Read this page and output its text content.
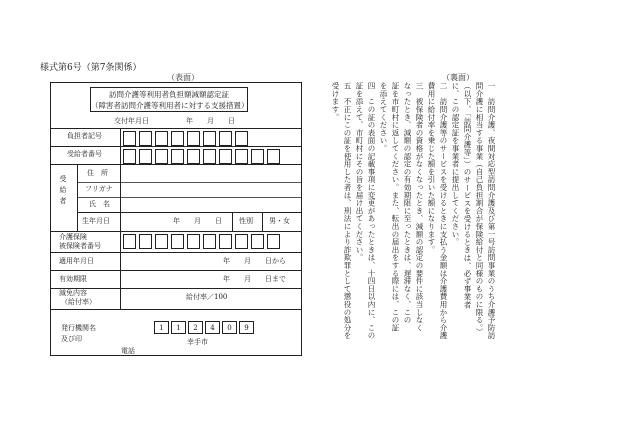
様式第6号（第7条関係）
（表面）	（裏面）
訪問介護等利用者負担額減額認定証
（障害者訪問介護等利用者に対する支援措置）
交付年月日	年　　月　　日
負担者記号
受給者番号
受給者
住　所
フリガナ
氏　名
生年月日	年　　月　　日 性別 男・女
介護保険
被保険者番号
適用年月日	年　　月　　日から
有効期限	年　　月　　日まで
減免内容
（給付率）
給付率／100
発行機関名
及び印
1	1	2	4	0	9
幸手市
電話
一　訪問介護、夜間対応型訪問介護及び第一号訪問事業のうち介護予防訪
問介護に相当する事業（自己負担割合が保険給付と同様のものに限る。）
（以下、「訪問介護等」）のサービスを受けるときは、必ず事業者
に、この認定証を事業者に提出してください。
二　訪問介護等のサービスを受けるときに支払う金額は介護費用から介護
費用に給付率を乗じた額を引いた額になります。
三　被保険者の資格がなくなったとき、減額の認定の要件に該当しなく
なったとき、減額の認定の有効期限に至ったときは、遅滞なく、この
証を市町村に返してください。また、転出の届出をする際には、この証
を添えてください。
四　この証の表面の記載事項に変更があったときは、十四日以内に、この
証を添えて、市町村にその旨を届け出てください。
五　不正にこの証を使用した者は、刑法により詐欺罪として懲役の処分を
受けます。
